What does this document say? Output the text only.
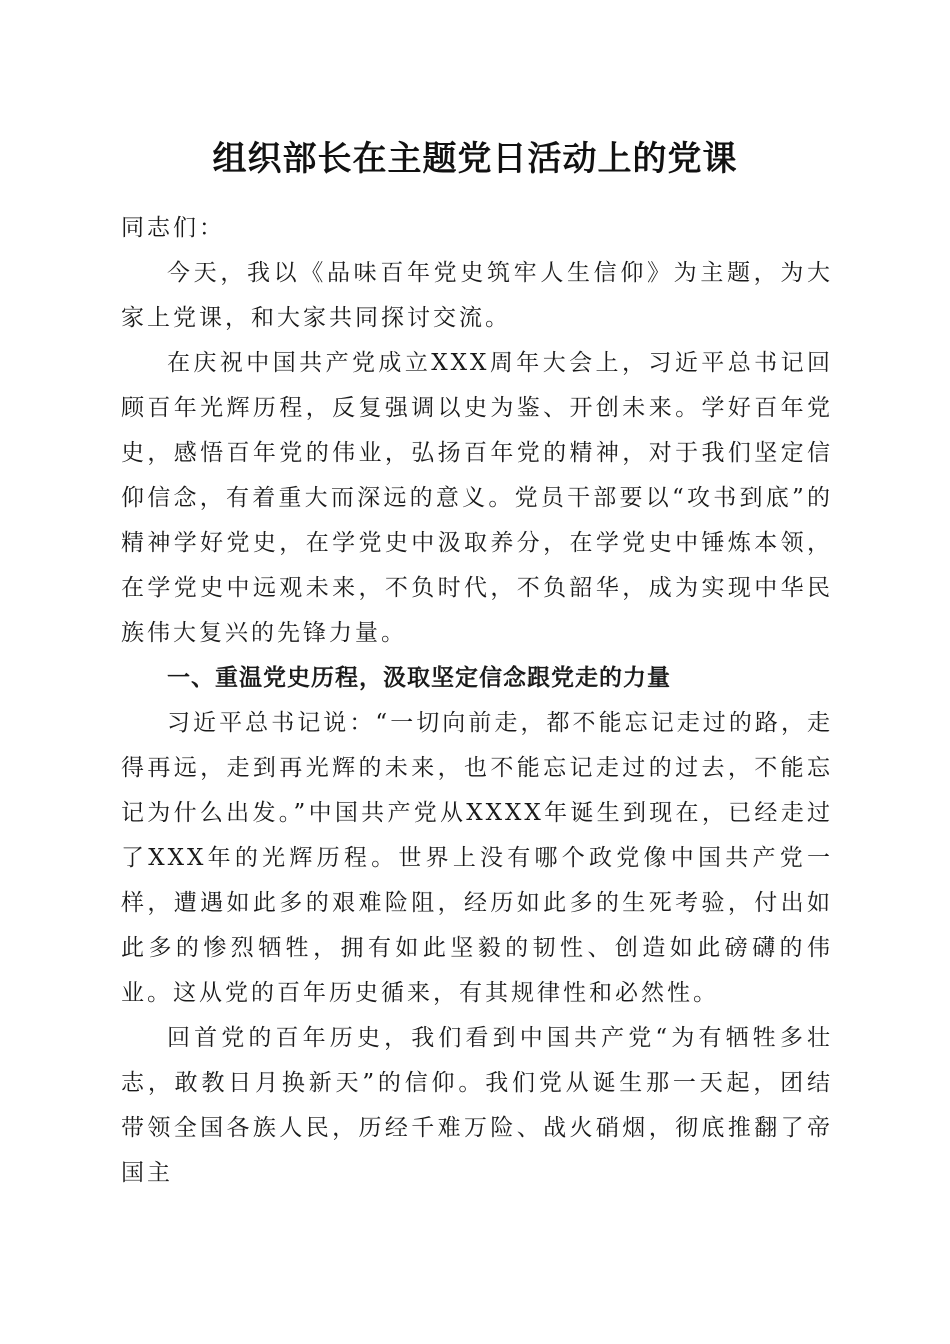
组织部长在主题党日活动上的党课

同志们：

今天，我以《品味百年党史筑牢人生信仰》为主题，为大家上党课，和大家共同探讨交流。

在庆祝中国共产党成立XXX周年大会上，习近平总书记回顾百年光辉历程，反复强调以史为鉴、开创未来。学好百年党史，感悟百年党的伟业，弘扬百年党的精神，对于我们坚定信仰信念，有着重大而深远的意义。党员干部要以“攻书到底”的精神学好党史，在学党史中汲取养分，在学党史中锤炼本领，在学党史中远观未来，不负时代，不负韶华，成为实现中华民族伟大复兴的先锋力量。

一、重温党史历程，汲取坚定信念跟党走的力量

习近平总书记说：“一切向前走，都不能忘记走过的路，走得再远，走到再光辉的未来，也不能忘记走过的过去，不能忘记为什么出发。”中国共产党从XXXX年诞生到现在，已经走过了XXX年的光辉历程。世界上没有哪个政党像中国共产党一样，遭遇如此多的艰难险阻，经历如此多的生死考验，付出如此多的惨烈牺牲，拥有如此坚毅的韧性、创造如此磅礴的伟业。这从党的百年历史循来，有其规律性和必然性。

回首党的百年历史，我们看到中国共产党“为有牺牲多壮志，敢教日月换新天”的信仰。我们党从诞生那一天起，团结带领全国各族人民，历经千难万险、战火硝烟，彻底推翻了帝国主
